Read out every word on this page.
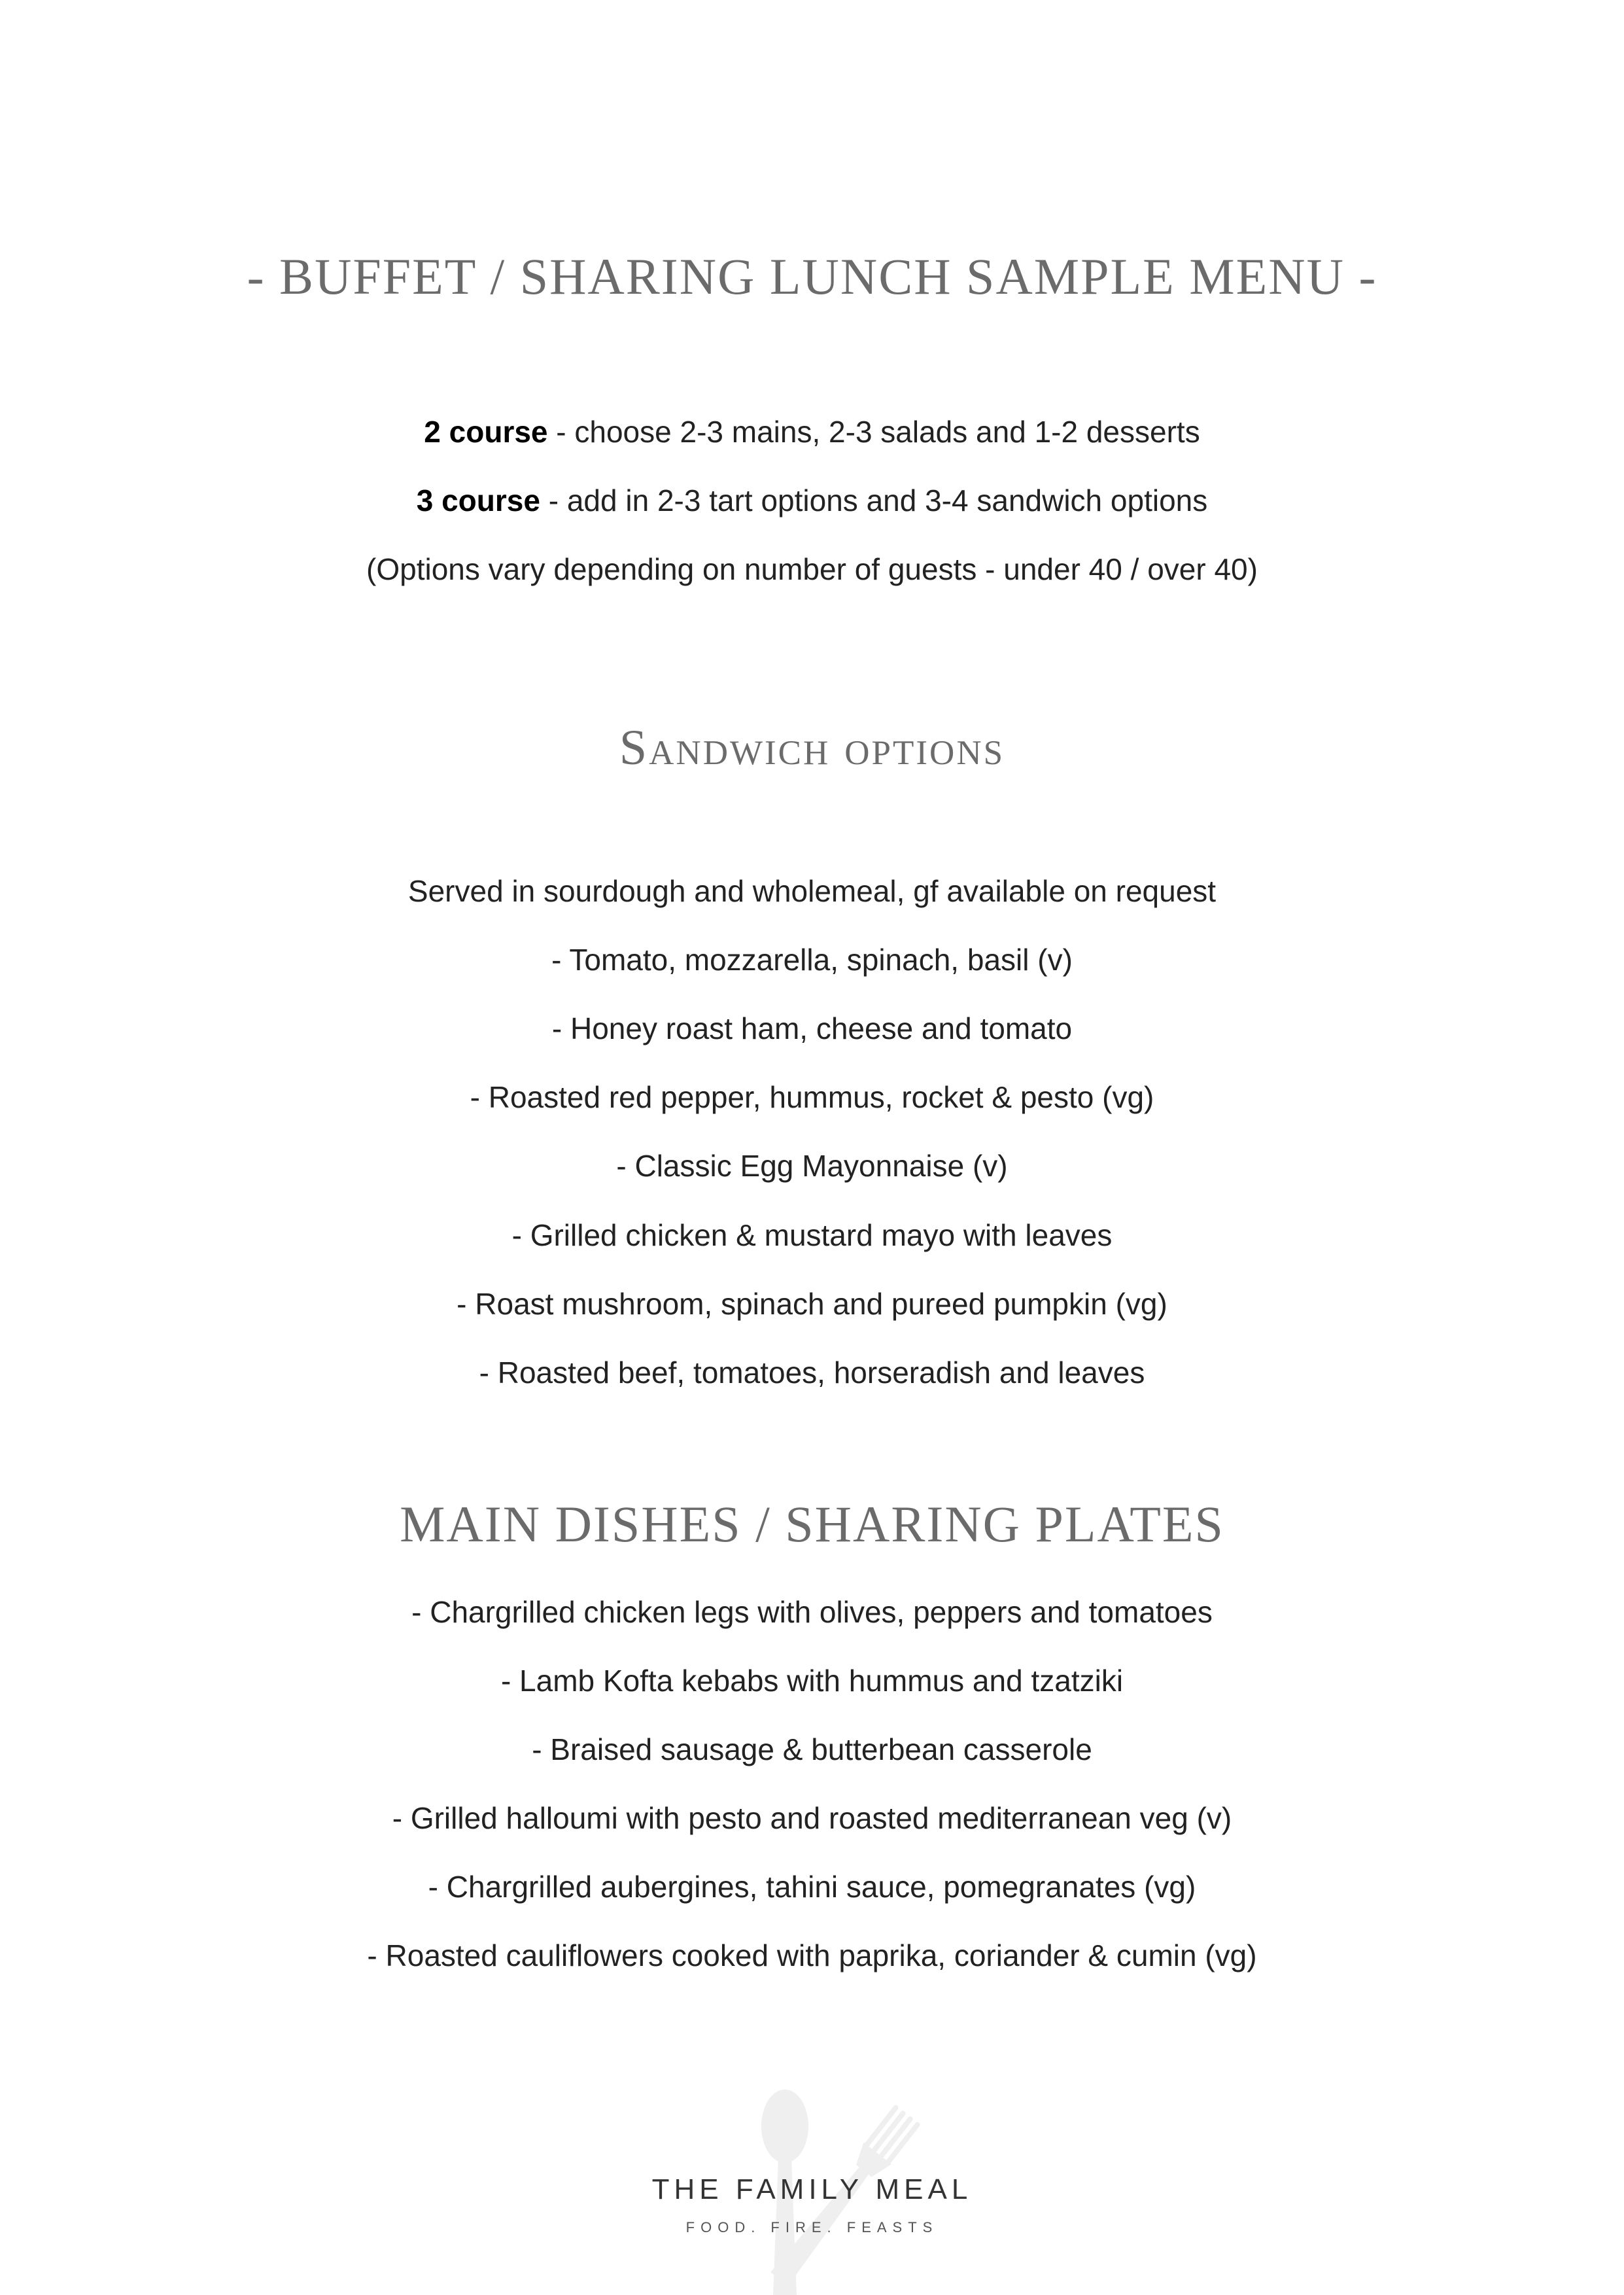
- BUFFET / SHARING LUNCH SAMPLE MENU -

2 course - choose 2-3 mains, 2-3 salads and 1-2 desserts

3 course - add in 2-3 tart options and 3-4 sandwich options

(Options vary depending on number of guests - under 40 / over 40)

Sandwich options

Served in sourdough and wholemeal, gf available on request

- Tomato, mozzarella, spinach, basil (v)

- Honey roast ham, cheese and tomato

- Roasted red pepper, hummus, rocket & pesto (vg)

- Classic Egg Mayonnaise (v)

- Grilled chicken & mustard mayo with leaves

- Roast mushroom, spinach and pureed pumpkin (vg)

- Roasted beef, tomatoes, horseradish and leaves

MAIN DISHES / SHARING PLATES

- Chargrilled chicken legs with olives, peppers and tomatoes

- Lamb Kofta kebabs with hummus and tzatziki

- Braised sausage & butterbean casserole

- Grilled halloumi with pesto and roasted mediterranean veg (v)

- Chargrilled aubergines, tahini sauce, pomegranates (vg)

- Roasted cauliflowers cooked with paprika, coriander & cumin (vg)

THE FAMILY MEAL

FOOD. FIRE. FEASTS
